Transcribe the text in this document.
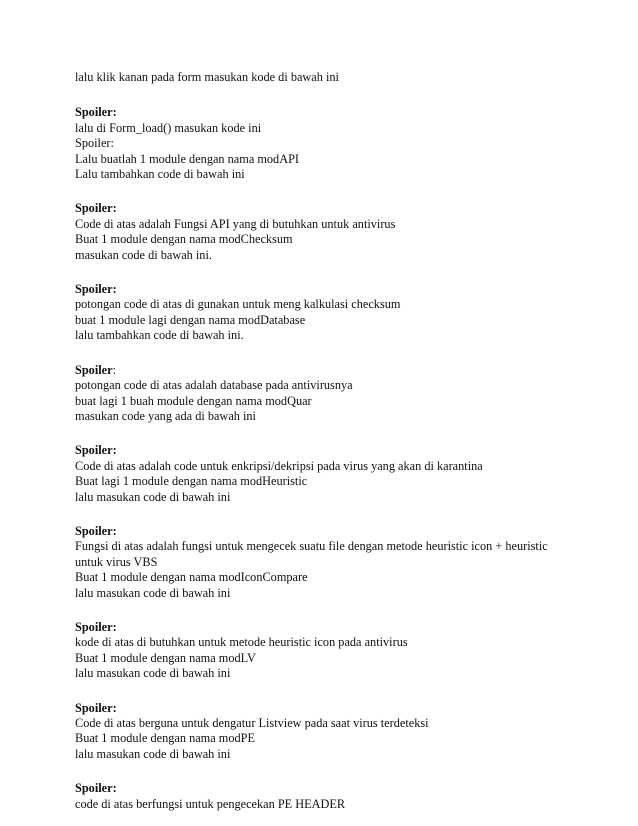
lalu klik kanan pada form masukan kode di bawah ini
Spoiler:
lalu di Form_load() masukan kode ini
Spoiler:
Lalu buatlah 1 module dengan nama modAPI
Lalu tambahkan code di bawah ini
Spoiler:
Code di atas adalah Fungsi API yang di butuhkan untuk antivirus
Buat 1 module dengan nama modChecksum
masukan code di bawah ini.
Spoiler:
potongan code di atas di gunakan untuk meng kalkulasi checksum
buat 1 module lagi dengan nama modDatabase
lalu tambahkan code di bawah ini.
Spoiler:
potongan code di atas adalah database pada antivirusnya
buat lagi 1 buah module dengan nama modQuar
masukan code yang ada di bawah ini
Spoiler:
Code di atas adalah code untuk enkripsi/dekripsi pada virus yang akan di karantina
Buat lagi 1 module dengan nama modHeuristic
lalu masukan code di bawah ini
Spoiler:
Fungsi di atas adalah fungsi untuk mengecek suatu file dengan metode heuristic icon + heuristic
untuk virus VBS
Buat 1 module dengan nama modIconCompare
lalu masukan code di bawah ini
Spoiler:
kode di atas di butuhkan untuk metode heuristic icon pada antivirus
Buat 1 module dengan nama modLV
lalu masukan code di bawah ini
Spoiler:
Code di atas berguna untuk dengatur Listview pada saat virus terdeteksi
Buat 1 module dengan nama modPE
lalu masukan code di bawah ini
Spoiler:
code di atas berfungsi untuk pengecekan PE HEADER
